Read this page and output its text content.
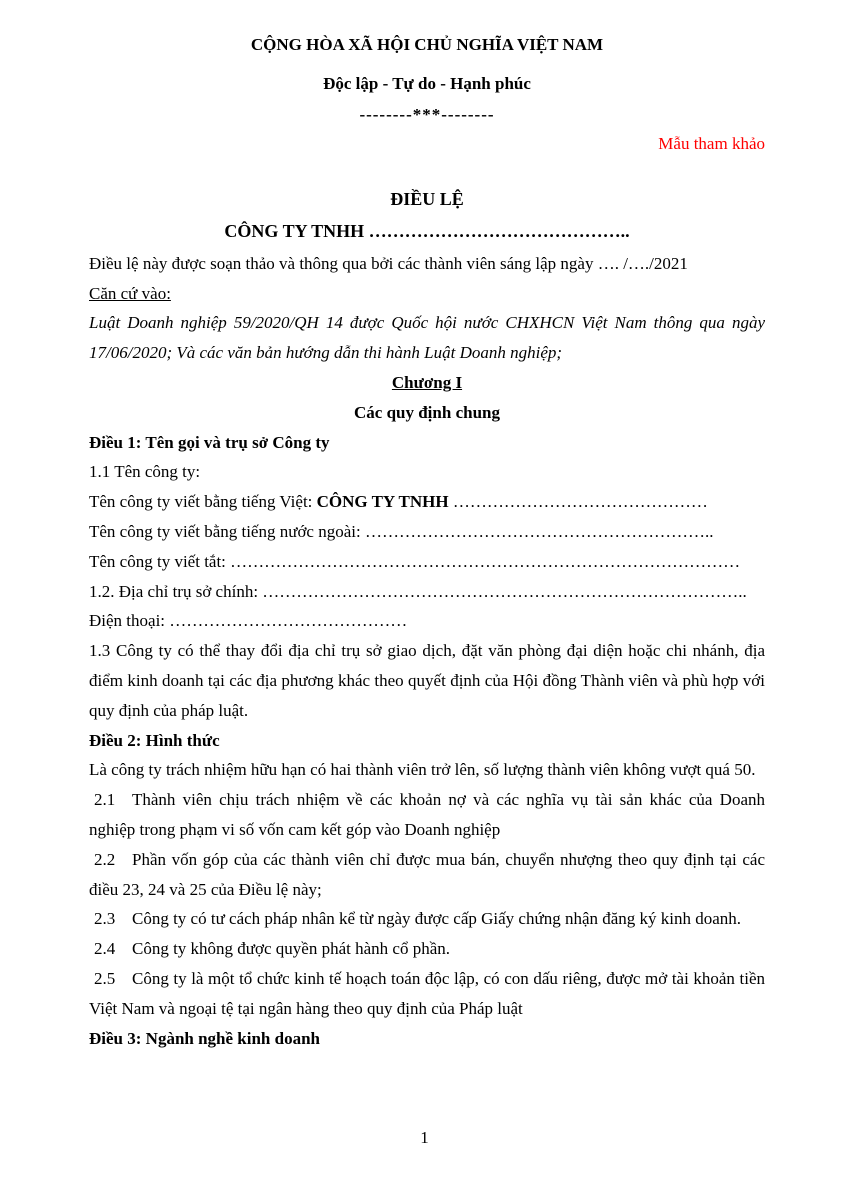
CỘNG HÒA XÃ HỘI CHỦ NGHĨA VIỆT NAM

Độc lập - Tự do - Hạnh phúc

--------***--------

Mẫu tham khảo

ĐIỀU LỆ

CÔNG TY TNHH ……………………………………..

Điều lệ này được soạn thảo và thông qua bởi các thành viên sáng lập ngày …. /…./2021

Căn cứ vào:

Luật Doanh nghiệp 59/2020/QH 14 được Quốc hội nước CHXHCN Việt Nam thông qua ngày 17/06/2020; Và các văn bản hướng dẫn thi hành Luật Doanh nghiệp;

Chương I

Các quy định chung

Điều 1: Tên gọi và trụ sở Công ty

1.1 Tên công ty:

Tên công ty viết bằng tiếng Việt: CÔNG TY TNHH ………………………………………

Tên công ty viết bằng tiếng nước ngoài: ……………………………………………………..

Tên công ty viết tắt: ………………………………………………………………………………

1.2. Địa chỉ trụ sở chính: …………………………………………………………………………..

Điện thoại: ……………………………………

1.3 Công ty có thể thay đổi địa chỉ trụ sở giao dịch, đặt văn phòng đại diện hoặc chi nhánh, địa điểm kinh doanh tại các địa phương khác theo quyết định của Hội đồng Thành viên và phù hợp với quy định của pháp luật.

Điều 2: Hình thức

Là công ty trách nhiệm hữu hạn có hai thành viên trở lên, số lượng thành viên không vượt quá 50.

2.1 Thành viên chịu trách nhiệm về các khoản nợ và các nghĩa vụ tài sản khác của Doanh nghiệp trong phạm vi số vốn cam kết góp vào Doanh nghiệp

2.2 Phần vốn góp của các thành viên chỉ được mua bán, chuyển nhượng theo quy định tại các điều 23, 24 và 25 của Điều lệ này;

2.3 Công ty có tư cách pháp nhân kể từ ngày được cấp Giấy chứng nhận đăng ký kinh doanh.

2.4 Công ty không được quyền phát hành cổ phần.

2.5 Công ty là một tổ chức kinh tế hoạch toán độc lập, có con dấu riêng, được mở tài khoản tiền Việt Nam và ngoại tệ tại ngân hàng theo quy định của Pháp luật

Điều 3: Ngành nghề kinh doanh

1
